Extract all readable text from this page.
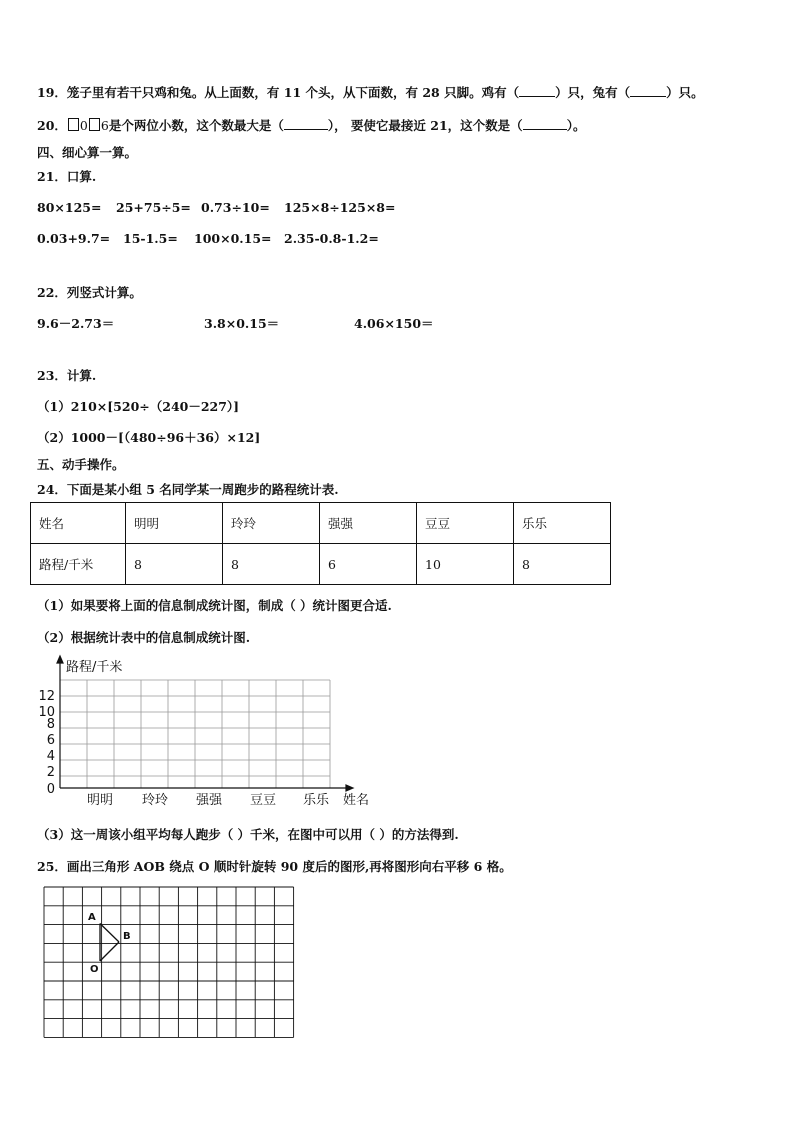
19．笼子里有若干只鸡和兔。从上面数，有 11 个头，从下面数，有 28 只脚。鸡有（	）只，兔有（	）只。
20． 0 6是个两位小数，这个数最大是（	）， 要使它最接近 21，这个数是（	）。
四、细心算一算。
21．口算.
80×125= 25+75÷5= 0.73÷10= 125×8÷125×8=
0.03+9.7= 15-1.5= 100×0.15= 2.35-0.8-1.2=
22．列竖式计算。
9.6－2.73＝	3.8×0.15＝	4.06×150＝
23．计算.
（1）210×[520÷（240－227）]
（2）1000－[（480÷96＋36）×12]
五、动手操作。
24．下面是某小组 5 名同学某一周跑步的路程统计表.
姓名	明明	玲玲	强强	豆豆	乐乐
路程/千米	8	8	6	10	8
（1）如果要将上面的信息制成统计图，制成（ ）统计图更合适.
（2）根据统计表中的信息制成统计图.
路程/千米
0
2
4
6
8
10
12
明明 玲玲 强强 豆豆 乐乐 姓名
（3）这一周该小组平均每人跑步（ ）千米，在图中可以用（ ）的方法得到.
25．画出三角形 AOB 绕点 O 顺时针旋转 90 度后的图形,再将图形向右平移 6 格。
A
B
O
